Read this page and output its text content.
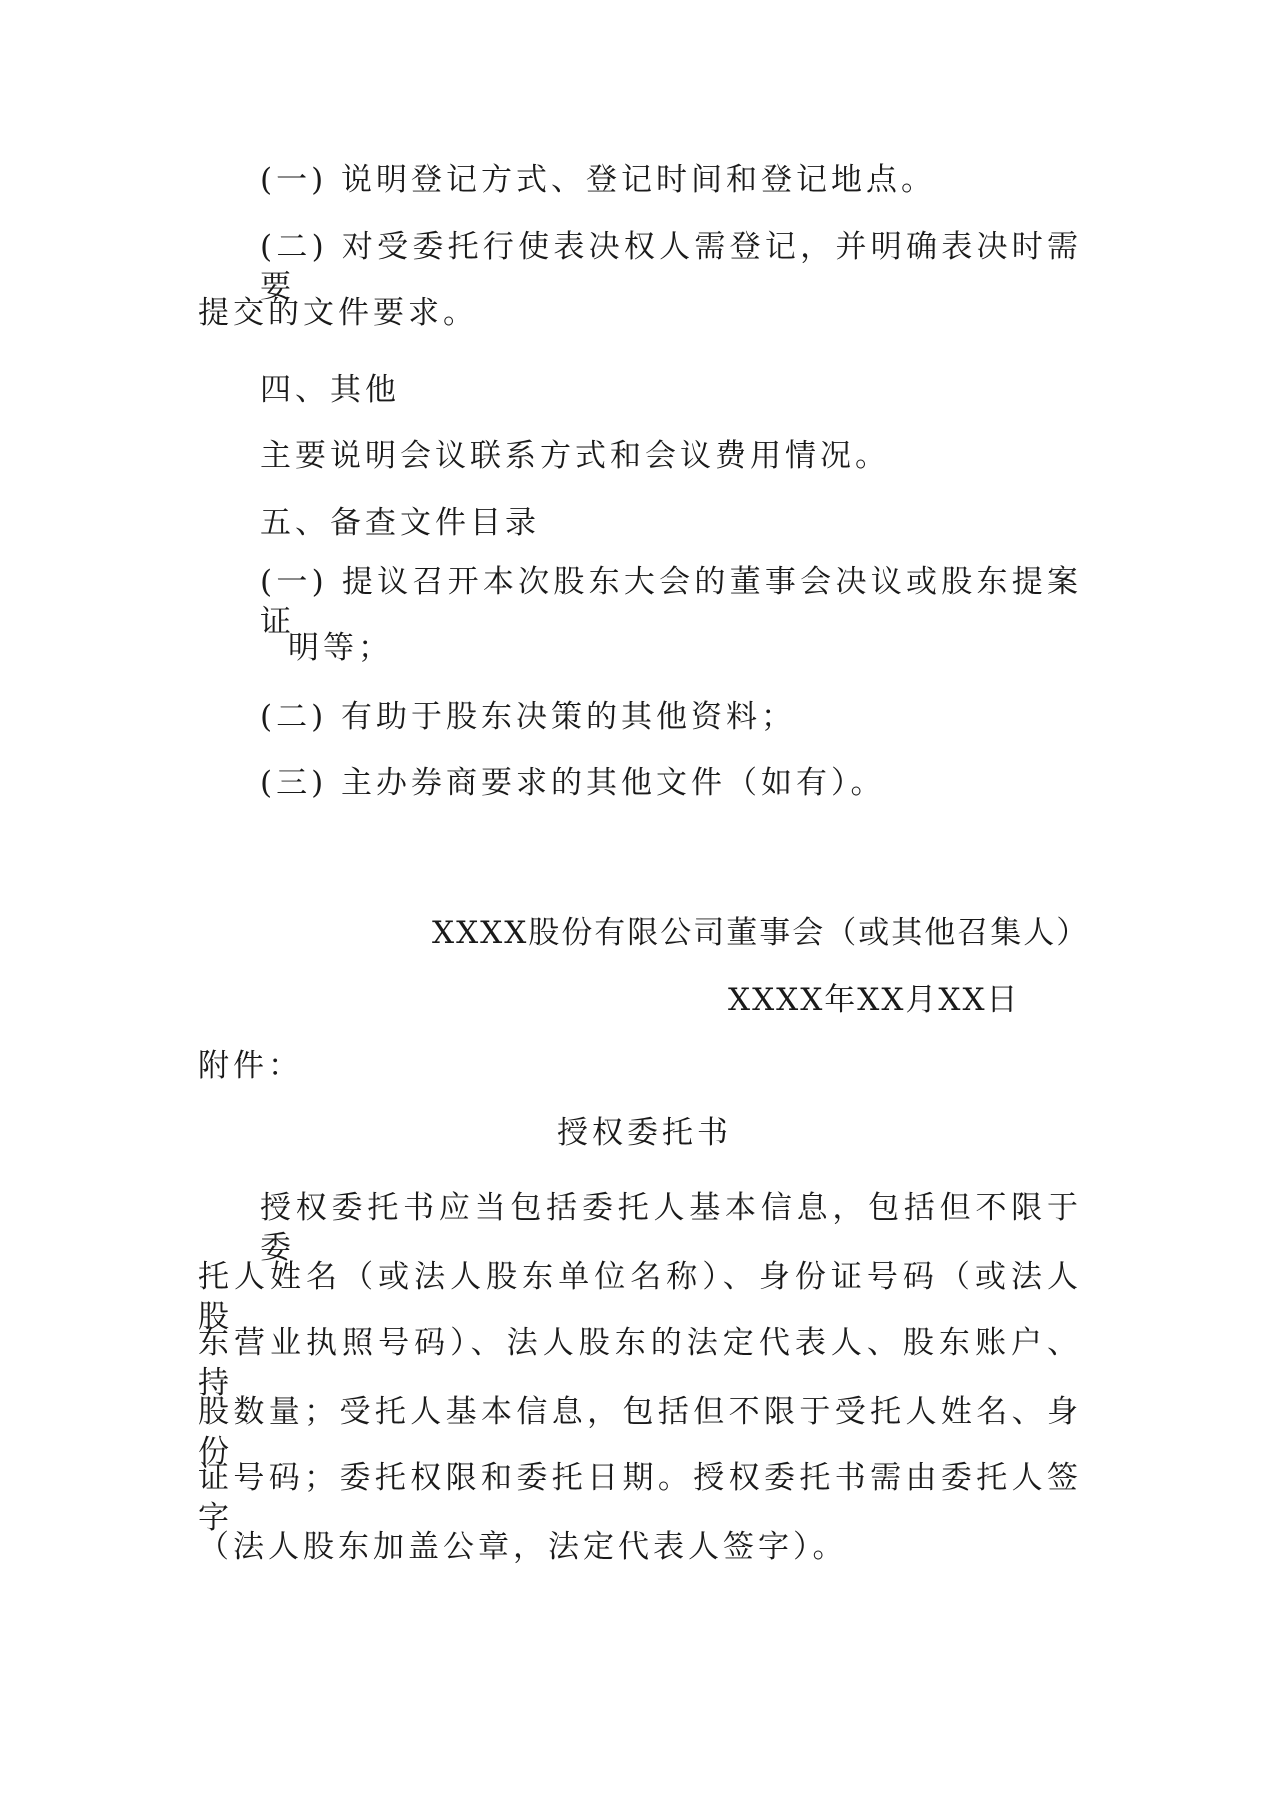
(一) 说明登记方式、登记时间和登记地点。
(二) 对受委托行使表决权人需登记，并明确表决时需要
提交的文件要求。
四、其他
主要说明会议联系方式和会议费用情况。
五、备查文件目录
(一) 提议召开本次股东大会的董事会决议或股东提案证
明等；
(二) 有助于股东决策的其他资料；
(三) 主办券商要求的其他文件（如有）。
XXXX股份有限公司董事会（或其他召集人）
XXXX年XX月XX日
附件：
授权委托书
授权委托书应当包括委托人基本信息，包括但不限于委
托人姓名（或法人股东单位名称）、身份证号码（或法人股
东营业执照号码）、法人股东的法定代表人、股东账户、持
股数量；受托人基本信息，包括但不限于受托人姓名、身份
证号码；委托权限和委托日期。授权委托书需由委托人签字
（法人股东加盖公章，法定代表人签字）。
